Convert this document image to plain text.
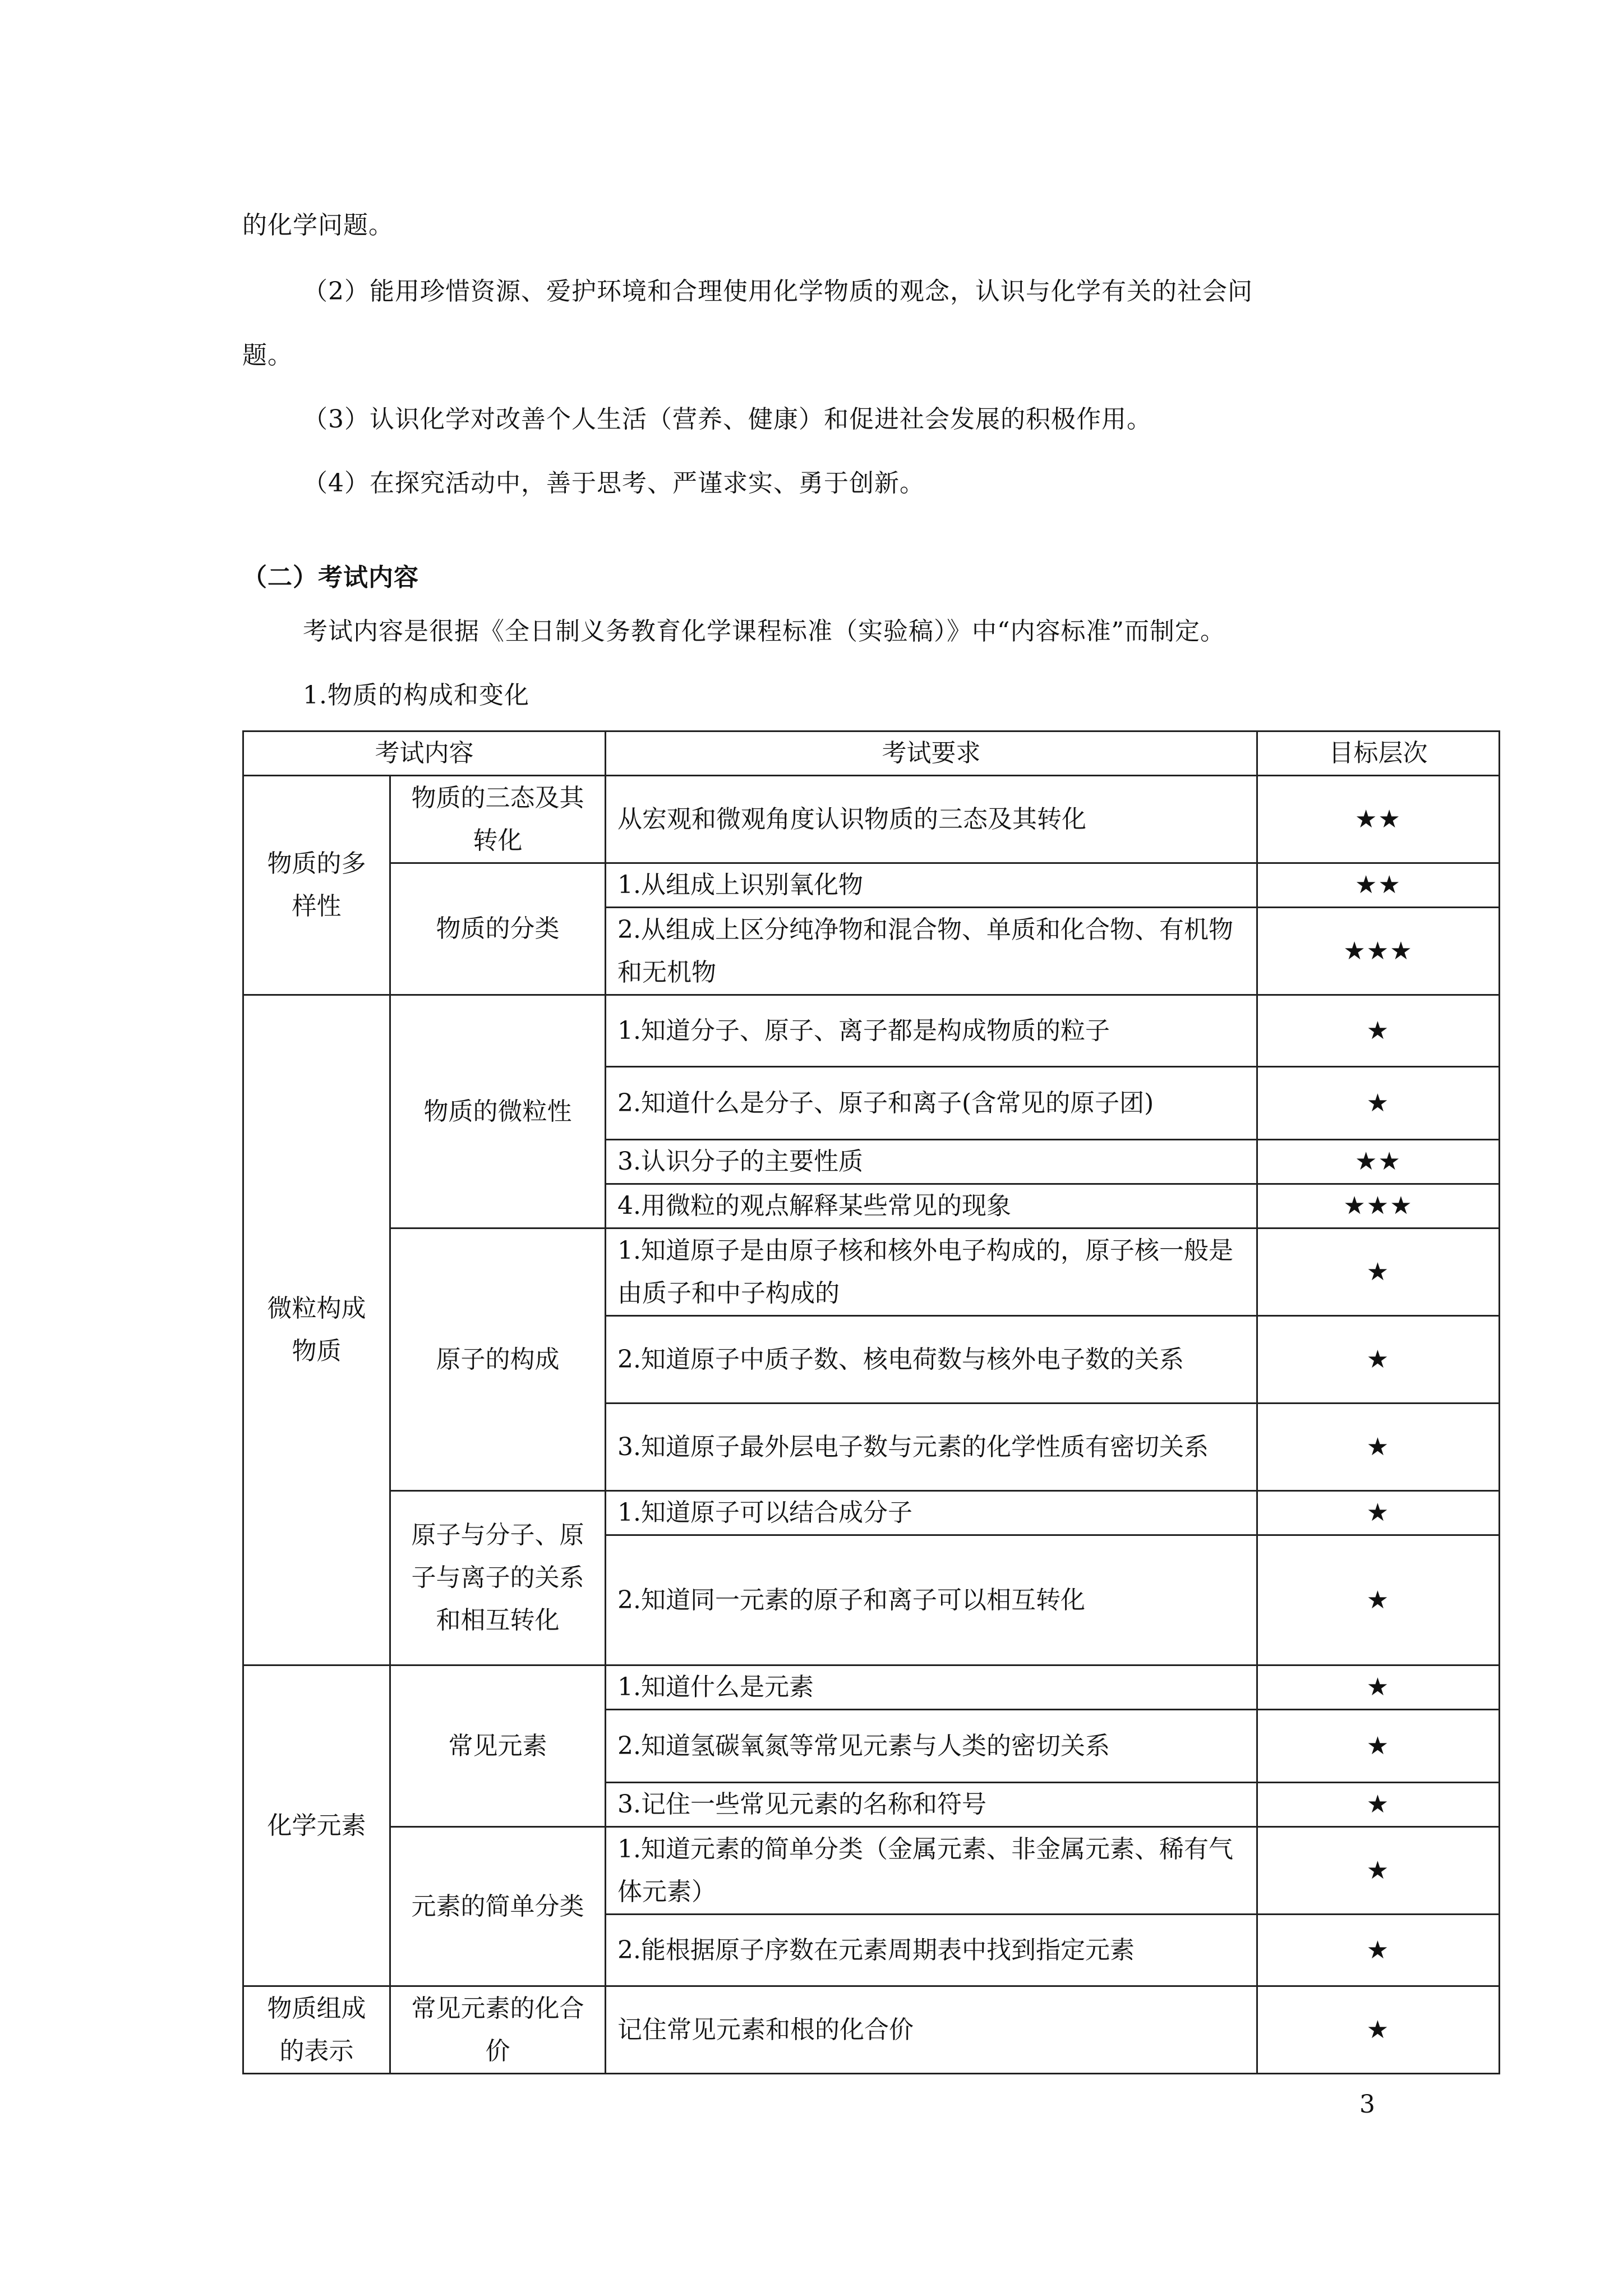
的化学问题。
（2）能用珍惜资源、爱护环境和合理使用化学物质的观念，认识与化学有关的社会问
题。
（3）认识化学对改善个人生活（营养、健康）和促进社会发展的积极作用。
（4）在探究活动中，善于思考、严谨求实、勇于创新。
（二）考试内容
考试内容是很据《全日制义务教育化学课程标准（实验稿）》中“内容标准”而制定。
1.物质的构成和变化
考试内容		考试要求	目标层次
物质的多样性	物质的三态及其转化	从宏观和微观角度认识物质的三态及其转化	★★
	物质的分类	1.从组成上识别氧化物	★★
		2.从组成上区分纯净物和混合物、单质和化合物、有机物和无机物	★★★
微粒构成物质	物质的微粒性	1.知道分子、原子、离子都是构成物质的粒子	★
		2.知道什么是分子、原子和离子(含常见的原子团)	★
		3.认识分子的主要性质	★★
		4.用微粒的观点解释某些常见的现象	★★★
	原子的构成	1.知道原子是由原子核和核外电子构成的，原子核一般是由质子和中子构成的	★
		2.知道原子中质子数、核电荷数与核外电子数的关系	★
		3.知道原子最外层电子数与元素的化学性质有密切关系	★
	原子与分子、原子与离子的关系和相互转化	1.知道原子可以结合成分子	★
		2.知道同一元素的原子和离子可以相互转化	★
化学元素	常见元素	1.知道什么是元素	★
		2.知道氢碳氧氮等常见元素与人类的密切关系	★
		3.记住一些常见元素的名称和符号	★
	元素的简单分类	1.知道元素的简单分类（金属元素、非金属元素、稀有气体元素）	★
		2.能根据原子序数在元素周期表中找到指定元素	★
物质组成的表示	常见元素的化合价	记住常见元素和根的化合价	★
3
